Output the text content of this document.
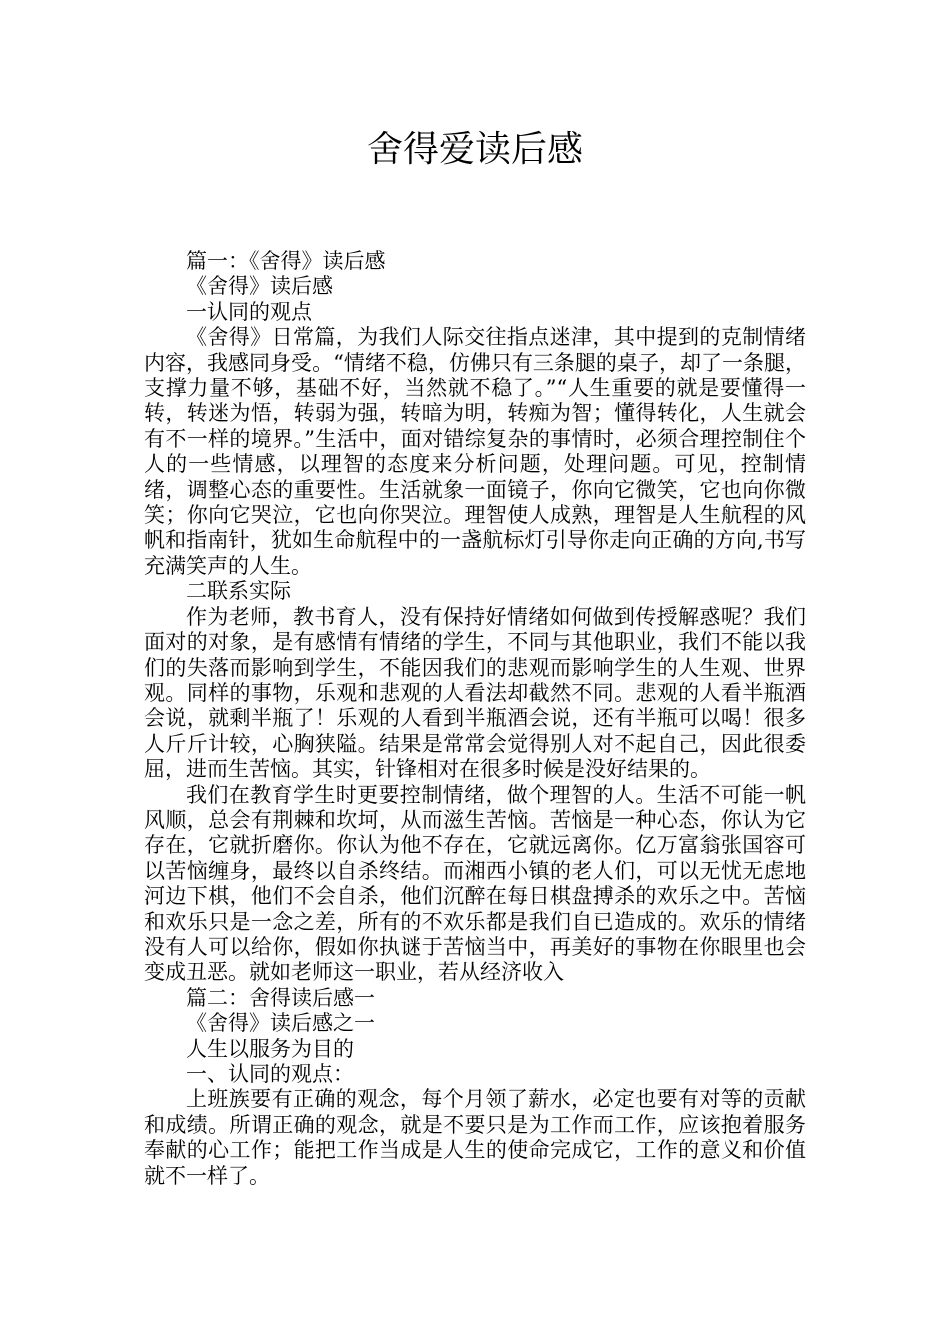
舍得爱读后感

篇一：《舍得》读后感

《舍得》读后感

一认同的观点

《舍得》日常篇，为我们人际交往指点迷津，其中提到的克制情绪内容，我感同身受。“情绪不稳，仿佛只有三条腿的桌子，却了一条腿，支撑力量不够，基础不好，当然就不稳了。”“人生重要的就是要懂得一转，转迷为悟，转弱为强，转暗为明，转痴为智；懂得转化，人生就会有不一样的境界。”生活中，面对错综复杂的事情时，必须合理控制住个人的一些情感，以理智的态度来分析问题，处理问题。可见，控制情绪，调整心态的重要性。生活就象一面镜子，你向它微笑，它也向你微笑；你向它哭泣，它也向你哭泣。理智使人成熟，理智是人生航程的风帆和指南针，犹如生命航程中的一盏航标灯引导你走向正确的方向,书写充满笑声的人生。

二联系实际

作为老师，教书育人，没有保持好情绪如何做到传授解惑呢？我们面对的对象，是有感情有情绪的学生，不同与其他职业，我们不能以我们的失落而影响到学生，不能因我们的悲观而影响学生的人生观、世界观。同样的事物，乐观和悲观的人看法却截然不同。悲观的人看半瓶酒会说，就剩半瓶了！乐观的人看到半瓶酒会说，还有半瓶可以喝！很多人斤斤计较，心胸狭隘。结果是常常会觉得别人对不起自己，因此很委屈，进而生苦恼。其实，针锋相对在很多时候是没好结果的。

我们在教育学生时更要控制情绪，做个理智的人。生活不可能一帆风顺，总会有荆棘和坎坷，从而滋生苦恼。苦恼是一种心态，你认为它存在，它就折磨你。你认为他不存在，它就远离你。亿万富翁张国容可以苦恼缠身，最终以自杀终结。而湘西小镇的老人们，可以无忧无虑地河边下棋，他们不会自杀，他们沉醉在每日棋盘搏杀的欢乐之中。苦恼和欢乐只是一念之差，所有的不欢乐都是我们自已造成的。欢乐的情绪没有人可以给你，假如你执谜于苦恼当中，再美好的事物在你眼里也会变成丑恶。就如老师这一职业，若从经济收入

篇二：舍得读后感一

《舍得》读后感之一

人生以服务为目的

一、认同的观点：

上班族要有正确的观念，每个月领了薪水，必定也要有对等的贡献和成绩。所谓正确的观念，就是不要只是为工作而工作，应该抱着服务奉献的心工作；能把工作当成是人生的使命完成它，工作的意义和价值就不一样了。
